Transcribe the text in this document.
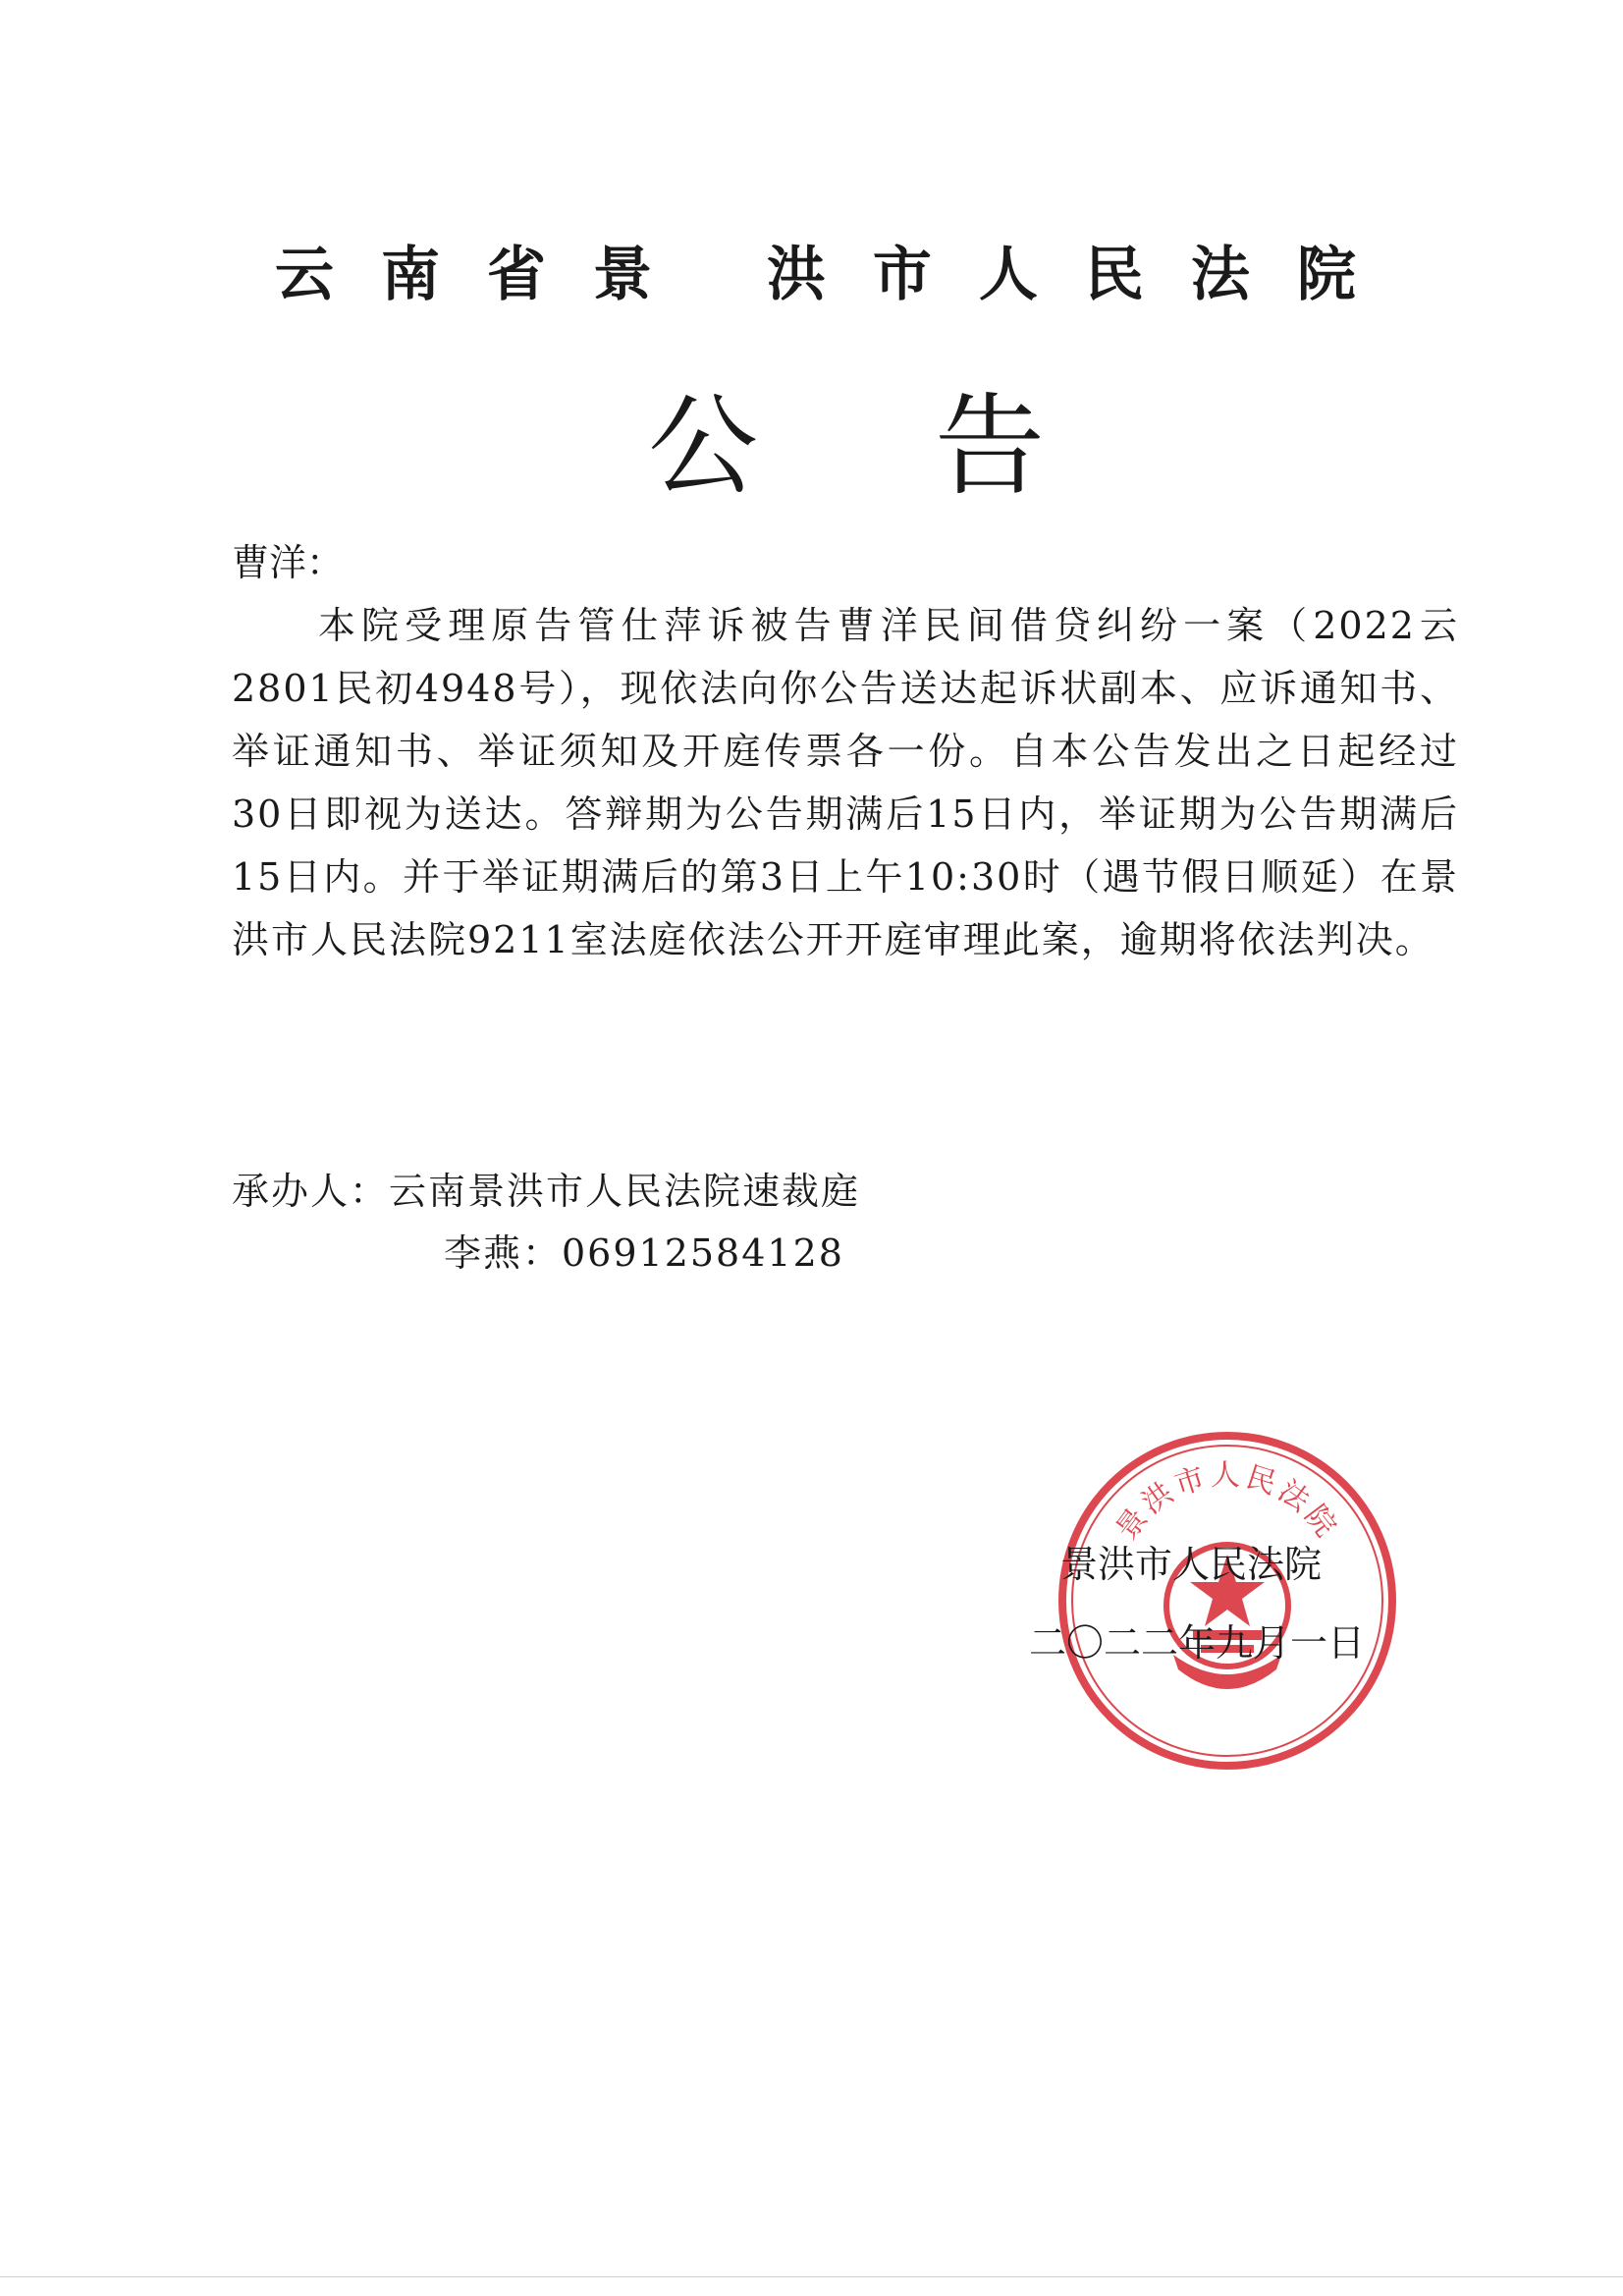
云南省景 洪市人民法院
公告
曹洋：
本院受理原告管仕萍诉被告曹洋民间借贷纠纷一案（2022云2801民初4948号），现依法向你公告送达起诉状副本、应诉通知书、举证通知书、举证须知及开庭传票各一份。自本公告发出之日起经过30日即视为送达。答辩期为公告期满后15日内，举证期为公告期满后15日内。并于举证期满后的第3日上午10:30时（遇节假日顺延）在景洪市人民法院9211室法庭依法公开开庭审理此案，逾期将依法判决。
承办人：云南景洪市人民法院速裁庭
李燕：06912584128
景洪市人民法院
景洪市人民法院
二〇二二年九月一日
